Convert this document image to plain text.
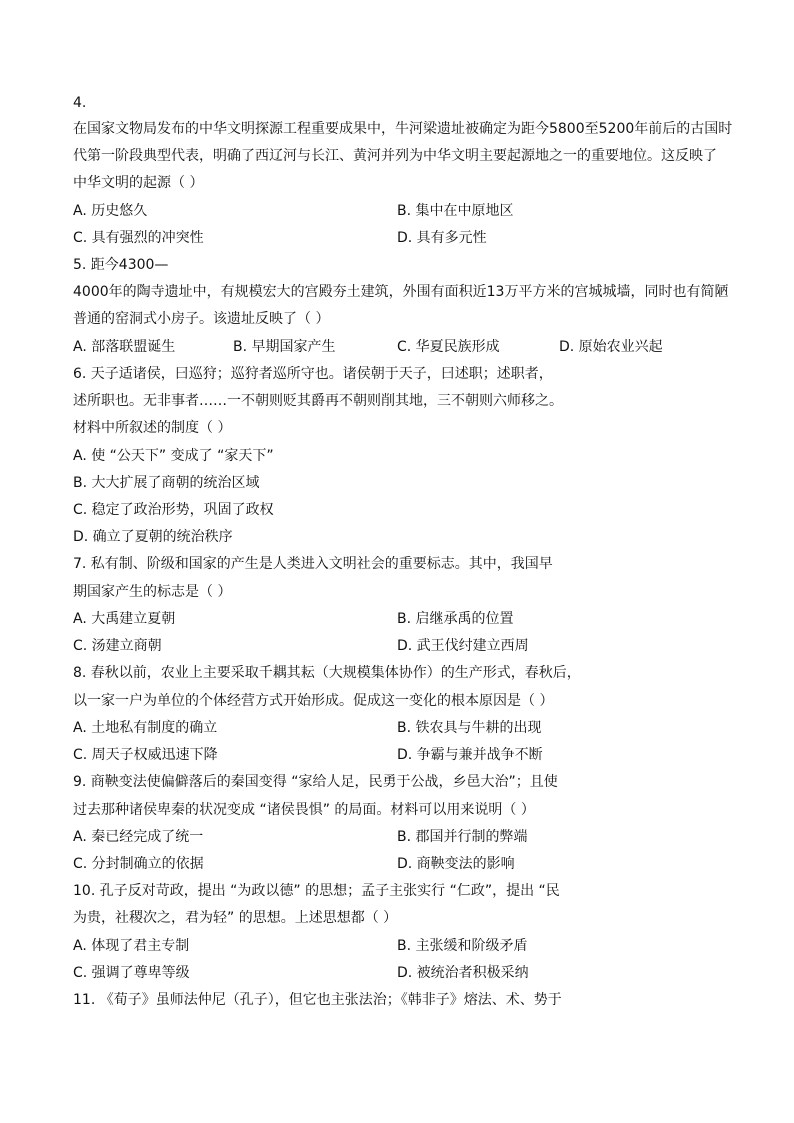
4.
在国家文物局发布的中华文明探源工程重要成果中，牛河梁遗址被确定为距今5800至5200年前后的古国时
代第一阶段典型代表，明确了西辽河与长江、黄河并列为中华文明主要起源地之一的重要地位。这反映了
中华文明的起源（ ）
A. 历史悠久	B. 集中在中原地区
C. 具有强烈的冲突性	D. 具有多元性
5. 距今4300—
4000年的陶寺遗址中，有规模宏大的宫殿夯土建筑，外围有面积近13万平方米的宫城城墙，同时也有简陋
普通的窑洞式小房子。该遗址反映了（ ）
A. 部落联盟诞生	B. 早期国家产生	C. 华夏民族形成	D. 原始农业兴起
6. 天子适诸侯，曰巡狩；巡狩者巡所守也。诸侯朝于天子，曰述职；述职者，
述所职也。无非事者……一不朝则贬其爵再不朝则削其地，三不朝则六师移之。
材料中所叙述的制度（ ）
A. 使 “公天下” 变成了 “家天下”
B. 大大扩展了商朝的统治区域
C. 稳定了政治形势，巩固了政权
D. 确立了夏朝的统治秩序
7. 私有制、阶级和国家的产生是人类进入文明社会的重要标志。其中，我国早
期国家产生的标志是（ ）
A. 大禹建立夏朝	B. 启继承禹的位置
C. 汤建立商朝	D. 武王伐纣建立西周
8. 春秋以前，农业上主要采取千耦其耘（大规模集体协作）的生产形式，春秋后，
以一家一户为单位的个体经营方式开始形成。促成这一变化的根本原因是（ ）
A. 土地私有制度的确立	B. 铁农具与牛耕的出现
C. 周天子权威迅速下降	D. 争霸与兼并战争不断
9. 商鞅变法使偏僻落后的秦国变得 “家给人足，民勇于公战，乡邑大治”；且使
过去那种诸侯卑秦的状况变成 “诸侯畏惧” 的局面。材料可以用来说明（ ）
A. 秦已经完成了统一	B. 郡国并行制的弊端
C. 分封制确立的依据	D. 商鞅变法的影响
10. 孔子反对苛政，提出 “为政以德” 的思想；孟子主张实行 “仁政”，提出 “民
为贵，社稷次之，君为轻” 的思想。上述思想都（ ）
A. 体现了君主专制	B. 主张缓和阶级矛盾
C. 强调了尊卑等级	D. 被统治者积极采纳
11. 《荀子》虽师法仲尼（孔子），但它也主张法治；《韩非子》熔法、术、势于
